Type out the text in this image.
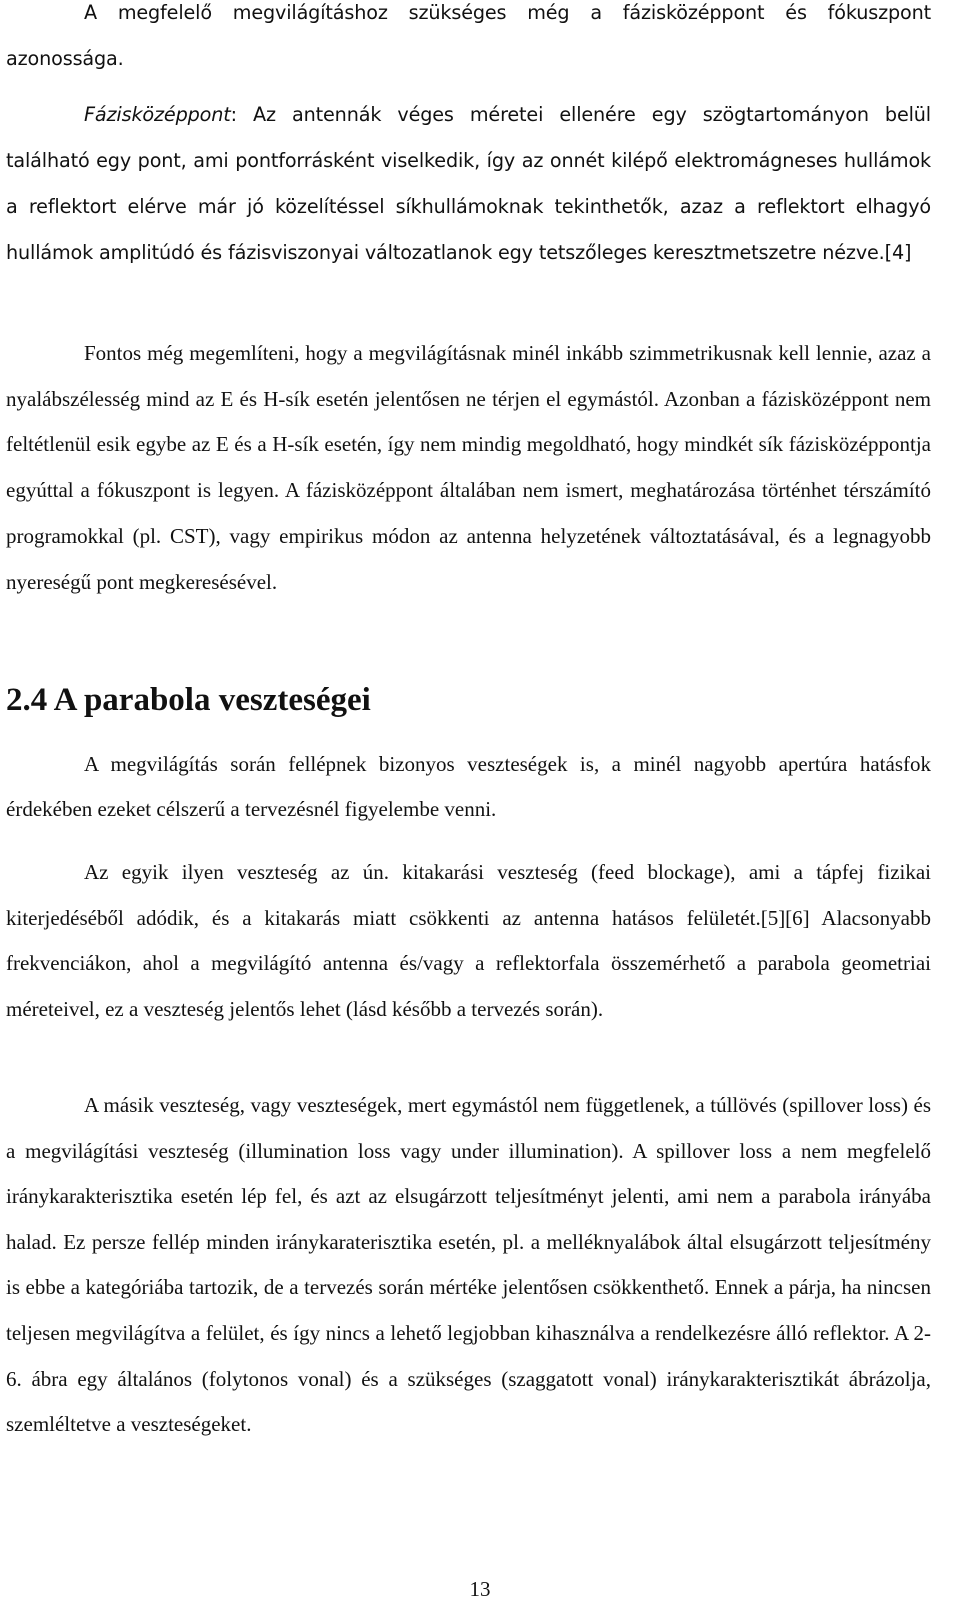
A megfelelő megvilágításhoz szükséges még a fázisközéppont és fókuszpont azonossága.

Fázisközéppont: Az antennák véges méretei ellenére egy szögtartományon belül található egy pont, ami pontforrásként viselkedik, így az onnét kilépő elektromágneses hullámok a reflektort elérve már jó közelítéssel síkhullámoknak tekinthetők, azaz a reflektort elhagyó hullámok amplitúdó és fázisviszonyai változatlanok egy tetszőleges keresztmetszetre nézve.[4]

Fontos még megemlíteni, hogy a megvilágításnak minél inkább szimmetrikusnak kell lennie, azaz a nyalábszélesség mind az E és H-sík esetén jelentősen ne térjen el egymástól. Azonban a fázisközéppont nem feltétlenül esik egybe az E és a H-sík esetén, így nem mindig megoldható, hogy mindkét sík fázisközéppontja egyúttal a fókuszpont is legyen. A fázisközéppont általában nem ismert, meghatározása történhet térszámító programokkal (pl. CST), vagy empirikus módon az antenna helyzetének változtatásával, és a legnagyobb nyereségű pont megkeresésével.

2.4 A parabola veszteségei

A megvilágítás során fellépnek bizonyos veszteségek is, a minél nagyobb apertúra hatásfok érdekében ezeket célszerű a tervezésnél figyelembe venni.

Az egyik ilyen veszteség az ún. kitakarási veszteség (feed blockage), ami a tápfej fizikai kiterjedéséből adódik, és a kitakarás miatt csökkenti az antenna hatásos felületét.[5][6] Alacsonyabb frekvenciákon, ahol a megvilágító antenna és/vagy a reflektorfala összemérhető a parabola geometriai méreteivel, ez a veszteség jelentős lehet (lásd később a tervezés során).

A másik veszteség, vagy veszteségek, mert egymástól nem függetlenek, a túllövés (spillover loss) és a megvilágítási veszteség (illumination loss vagy under illumination). A spillover loss a nem megfelelő iránykarakterisztika esetén lép fel, és azt az elsugárzott teljesítményt jelenti, ami nem a parabola irányába halad. Ez persze fellép minden iránykaraterisztika esetén, pl. a melléknyalábok által elsugárzott teljesítmény is ebbe a kategóriába tartozik, de a tervezés során mértéke jelentősen csökkenthető. Ennek a párja, ha nincsen teljesen megvilágítva a felület, és így nincs a lehető legjobban kihasználva a rendelkezésre álló reflektor. A 2-6. ábra egy általános (folytonos vonal) és a szükséges (szaggatott vonal) iránykarakterisztikát ábrázolja, szemléltetve a veszteségeket.

13
